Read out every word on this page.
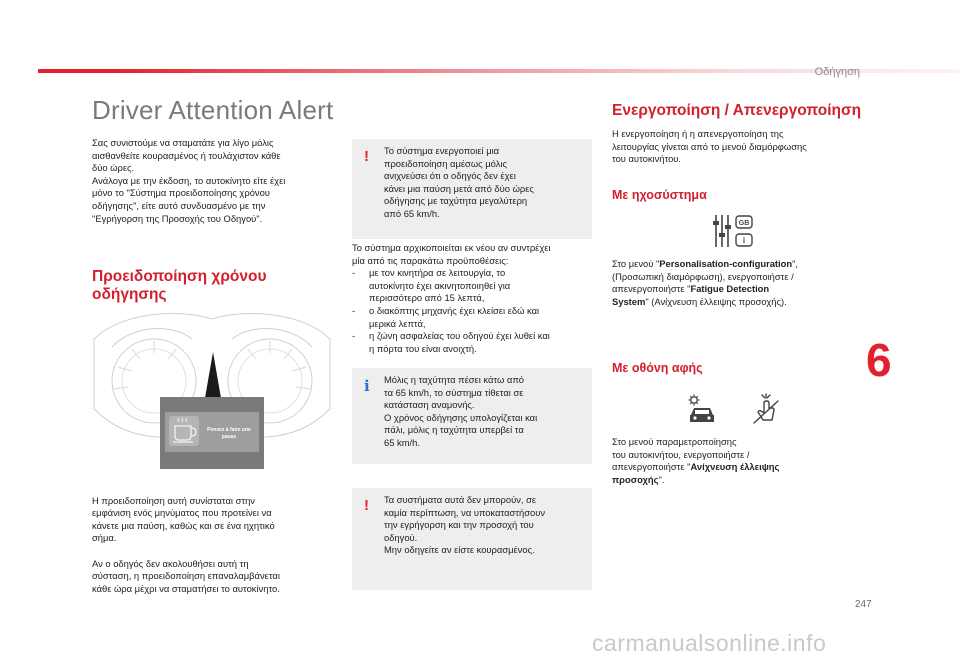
Οδήγηση
Driver Attention Alert

Σας συνιστούμε να σταματάτε για λίγο μόλις
αισθανθείτε κουρασμένος ή τουλάχιστον κάθε
δύο ώρες.

Ανάλογα με την έκδοση, το αυτοκίνητο είτε έχει
μόνο το "Σύστημα προειδοποίησης χρόνου
οδήγησης", είτε αυτό συνδυασμένο με την
"Εγρήγορση της Προσοχής του Οδηγού".

Προειδοποίηση χρόνου
οδήγησης
Pensez à faire une
pause

Η προειδοποίηση αυτή συνίσταται στην
εμφάνιση ενός μηνύματος που προτείνει να
κάνετε μια παύση, καθώς και σε ένα ηχητικό
σήμα.

Αν ο οδηγός δεν ακολουθήσει αυτή τη
σύσταση, η προειδοποίηση επαναλαμβάνεται
κάθε ώρα μέχρι να σταματήσει το αυτοκίνητο.

! Το σύστημα ενεργοποιεί μια
προειδοποίηση αμέσως μόλις
ανιχνεύσει ότι ο οδηγός δεν έχει
κάνει μια παύση μετά από δύο ώρες
οδήγησης με ταχύτητα μεγαλύτερη
από 65 km/h.

Το σύστημα αρχικοποιείται εκ νέου αν συντρέχει
μία από τις παρακάτω προϋποθέσεις:

- με τον κινητήρα σε λειτουργία, το
αυτοκίνητο έχει ακινητοποιηθεί για
περισσότερο από 15 λεπτά,
- ο διακόπτης μηχανής έχει κλείσει εδώ και
μερικά λεπτά,
- η ζώνη ασφαλείας του οδηγού έχει λυθεί και
η πόρτα του είναι ανοιχτή.
i Μόλις η ταχύτητα πέσει κάτω από
τα 65 km/h, το σύστημα τίθεται σε
κατάσταση αναμονής.

Ο χρόνος οδήγησης υπολογίζεται και
πάλι, μόλις η ταχύτητα υπερβεί τα
65 km/h.

! Τα συστήματα αυτά δεν μπορούν, σε
καμία περίπτωση, να υποκαταστήσουν
την εγρήγορση και την προσοχή του
οδηγού.

Μην οδηγείτε αν είστε κουρασμένος.

Ενεργοποίηση / Απενεργοποίηση

Η ενεργοποίηση ή η απενεργοποίηση της
λειτουργίας γίνεται από το μενού διαμόρφωσης
του αυτοκινήτου.

Με ηχοσύστημα
GB
i

Στο μενού "Personalisation-configuration",
(Προσωπική διαμόρφωση), ενεργοποιήστε /
απενεργοποιήστε "Fatigue Detection
System" (Ανίχνευση έλλειψης προσοχής).

Με οθόνη αφής

Στο μενού παραμετροποίησης
του αυτοκινήτου, ενεργοποιήστε /
απενεργοποιήστε "Ανίχνευση έλλειψης
προσοχής".

6
247
carmanualsonline.info
